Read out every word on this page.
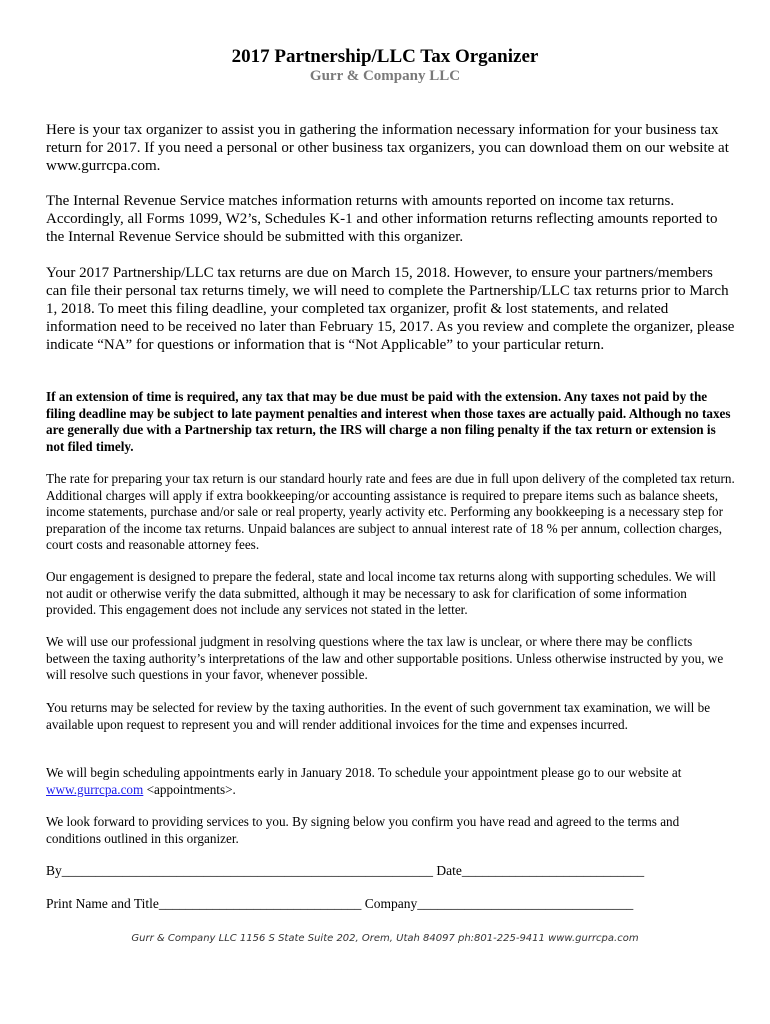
2017 Partnership/LLC Tax Organizer
Gurr & Company LLC

Here is your tax organizer to assist you in gathering the information necessary information for your business tax return for 2017. If you need a personal or other business tax organizers, you can download them on our website at www.gurrcpa.com.

The Internal Revenue Service matches information returns with amounts reported on income tax returns. Accordingly, all Forms 1099, W2’s, Schedules K-1 and other information returns reflecting amounts reported to the Internal Revenue Service should be submitted with this organizer.

Your 2017 Partnership/LLC tax returns are due on March 15, 2018. However, to ensure your partners/members can file their personal tax returns timely, we will need to complete the Partnership/LLC tax returns prior to March 1, 2018. To meet this filing deadline, your completed tax organizer, profit & lost statements, and related information need to be received no later than February 15, 2017. As you review and complete the organizer, please indicate “NA” for questions or information that is “Not Applicable” to your particular return.

If an extension of time is required, any tax that may be due must be paid with the extension. Any taxes not paid by the filing deadline may be subject to late payment penalties and interest when those taxes are actually paid. Although no taxes are generally due with a Partnership tax return, the IRS will charge a non filing penalty if the tax return or extension is not filed timely.

The rate for preparing your tax return is our standard hourly rate and fees are due in full upon delivery of the completed tax return. Additional charges will apply if extra bookkeeping/or accounting assistance is required to prepare items such as balance sheets, income statements, purchase and/or sale or real property, yearly activity etc. Performing any bookkeeping is a necessary step for preparation of the income tax returns. Unpaid balances are subject to annual interest rate of 18 % per annum, collection charges, court costs and reasonable attorney fees.

Our engagement is designed to prepare the federal, state and local income tax returns along with supporting schedules. We will not audit or otherwise verify the data submitted, although it may be necessary to ask for clarification of some information provided. This engagement does not include any services not stated in the letter.

We will use our professional judgment in resolving questions where the tax law is unclear, or where there may be conflicts between the taxing authority’s interpretations of the law and other supportable positions. Unless otherwise instructed by you, we will resolve such questions in your favor, whenever possible.

You returns may be selected for review by the taxing authorities. In the event of such government tax examination, we will be available upon request to represent you and will render additional invoices for the time and expenses incurred.

We will begin scheduling appointments early in January 2018. To schedule your appointment please go to our website at www.gurrcpa.com <appointments>.

We look forward to providing services to you. By signing below you confirm you have read and agreed to the terms and conditions outlined in this organizer.

By_______________________________________________________ Date___________________________
Print Name and Title______________________________ Company________________________________
Gurr & Company LLC 1156 S State Suite 202, Orem, Utah 84097 ph:801-225-9411 www.gurrcpa.com
